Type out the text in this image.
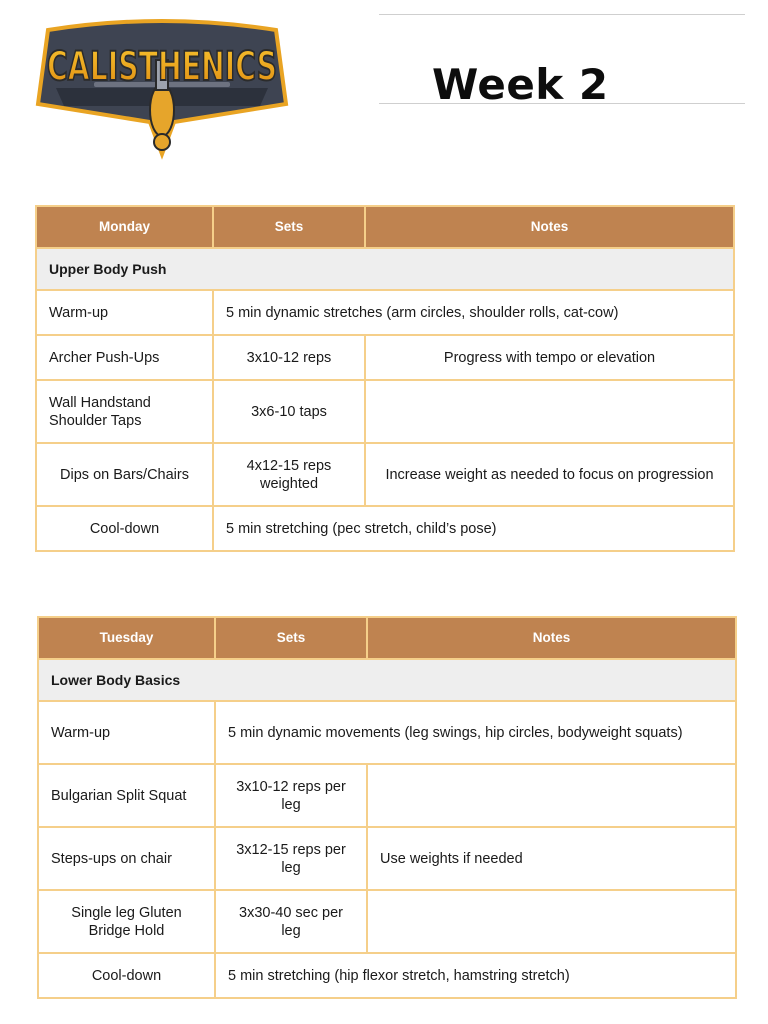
CALISTHENICS	Week 2
Monday	Sets	Notes
Upper Body Push		
Warm-up	5 min dynamic stretches (arm circles, shoulder rolls, cat-cow)	
Archer Push-Ups	3x10-12 reps	Progress with tempo or elevation
Wall Handstand Shoulder Taps	3x6-10 taps	
Dips on Bars/Chairs	4x12-15 reps weighted	Increase weight as needed to focus on progression
Cool-down	5 min stretching (pec stretch, child’s pose)	
Tuesday	Sets	Notes
Lower Body Basics		
Warm-up	5 min dynamic movements (leg swings, hip circles, bodyweight squats)	
Bulgarian Split Squat	3x10-12 reps per leg	
Steps-ups on chair	3x12-15 reps per leg	Use weights if needed
Single leg Gluten Bridge Hold	3x30-40 sec per leg	
Cool-down	5 min stretching (hip flexor stretch, hamstring stretch)	
